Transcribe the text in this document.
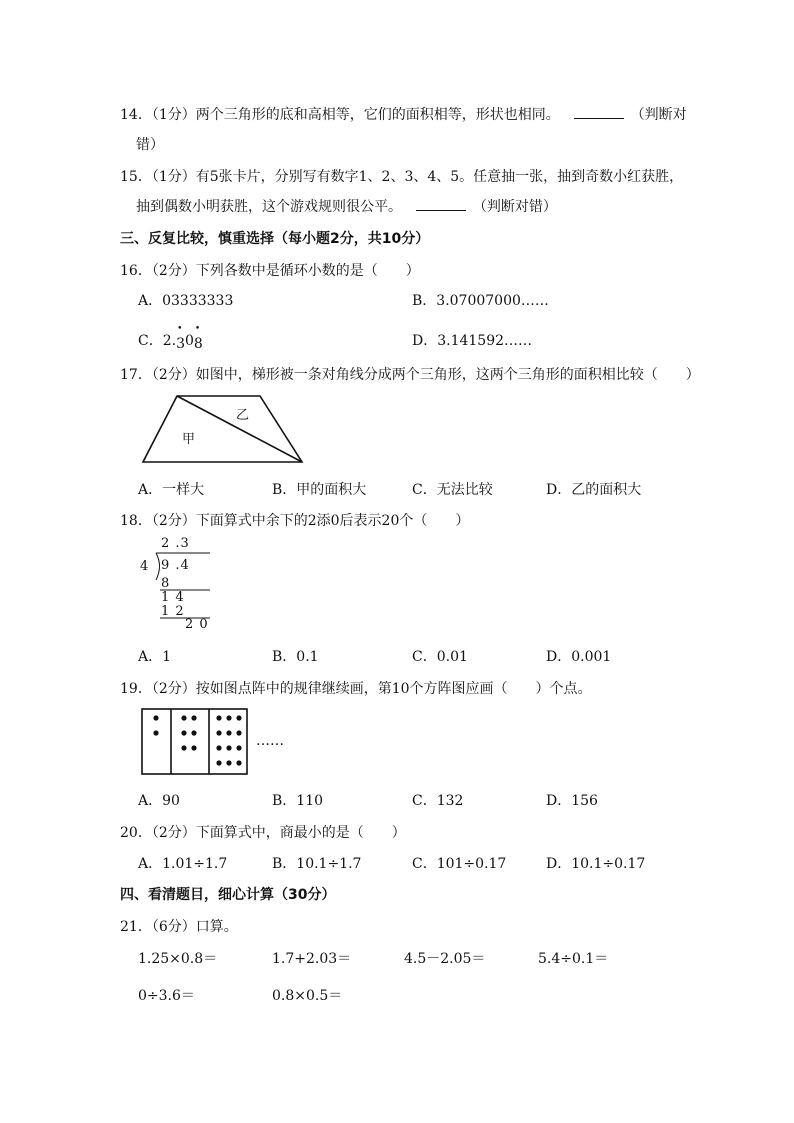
14．（1分）两个三角形的底和高相等，它们的面积相等，形状也相同。	（判断对
错）
15．（1分）有5张卡片，分别写有数字1、2、3、4、5。任意抽一张，抽到奇数小红获胜，
抽到偶数小明获胜，这个游戏规则很公平。	（判断对错）
三、反复比较，慎重选择（每小题2分，共10分）
16．（2分）下列各数中是循环小数的是（　　）
A．03333333	B．3.07007000……
C．2.• 30• 8	D．3.141592……
17．（2分）如图中，梯形被一条对角线分成两个三角形，这两个三角形的面积相比较（　　）
甲
乙
A．一样大	B．甲的面积大	C．无法比较	D．乙的面积大
18．（2分）下面算式中余下的2添0后表示20个（　　）
2 .3
4 9 .4
8
1 4
1 2
2 0
A．1	B．0.1	C．0.01	D．0.001
19．（2分）按如图点阵中的规律继续画，第10个方阵图应画（　　）个点。
……
A．90	B．110	C．132	D．156
20．（2分）下面算式中，商最小的是（　　）
A．1.01÷1.7	B．10.1÷1.7	C．101÷0.17	D．10.1÷0.17
四、看清题目，细心计算（30分）
21．（6分）口算。
1.25×0.8＝	1.7+2.03＝	4.5－2.05＝	5.4÷0.1＝
0÷3.6＝	0.8×0.5＝
